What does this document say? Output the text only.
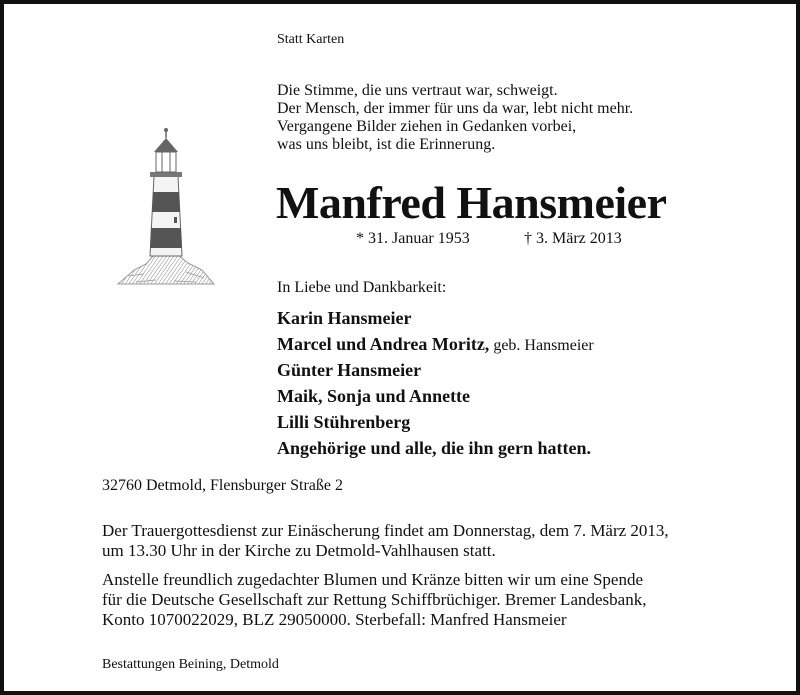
Statt Karten
Die Stimme, die uns vertraut war, schweigt.
Der Mensch, der immer für uns da war, lebt nicht mehr.
Vergangene Bilder ziehen in Gedanken vorbei,
was uns bleibt, ist die Erinnerung.
Manfred Hansmeier
* 31. Januar 1953	† 3. März 2013
In Liebe und Dankbarkeit:
Karin Hansmeier
Marcel und Andrea Moritz, geb. Hansmeier
Günter Hansmeier
Maik, Sonja und Annette
Lilli Stührenberg
Angehörige und alle, die ihn gern hatten.
32760 Detmold, Flensburger Straße 2
Der Trauergottesdienst zur Einäscherung findet am Donnerstag, dem 7. März 2013,
um 13.30 Uhr in der Kirche zu Detmold-Vahlhausen statt.
Anstelle freundlich zugedachter Blumen und Kränze bitten wir um eine Spende
für die Deutsche Gesellschaft zur Rettung Schiffbrüchiger. Bremer Landesbank,
Konto 1070022029, BLZ 29050000. Sterbefall: Manfred Hansmeier
Bestattungen Beining, Detmold
